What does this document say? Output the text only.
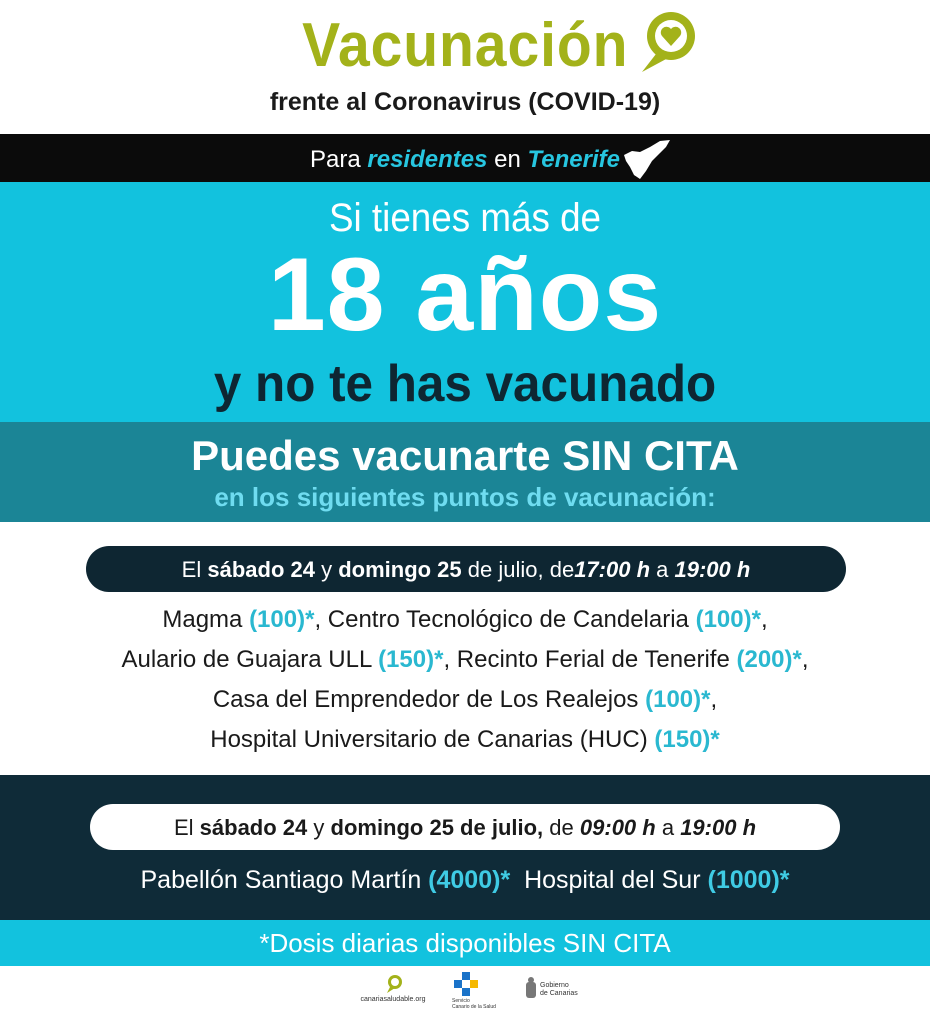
Vacunación
frente al Coronavirus (COVID-19)
Para residentes en Tenerife
Si tienes más de
18 años
y no te has vacunado
Puedes vacunarte SIN CITA
en los siguientes puntos de vacunación:
El sábado 24 y domingo 25 de julio, de17:00 h a 19:00 h
Magma (100)*, Centro Tecnológico de Candelaria (100)*,
Aulario de Guajara ULL (150)*, Recinto Ferial de Tenerife (200)*,
Casa del Emprendedor de Los Realejos (100)*,
Hospital Universitario de Canarias (HUC) (150)*
El sábado 24 y domingo 25 de julio, de 09:00 h a 19:00 h
Pabellón Santiago Martín (4000)*  Hospital del Sur (1000)*
*Dosis diarias disponibles SIN CITA
canariasaludable.org	Servicio
Canario de la Salud
Gobierno
de Canarias
